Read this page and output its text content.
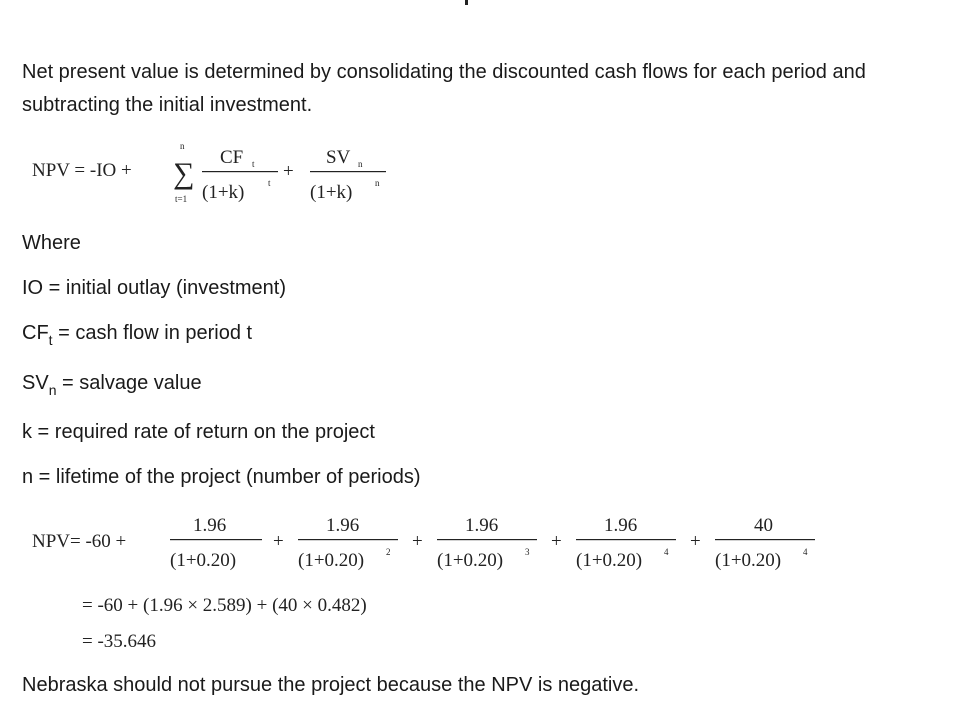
Net present value is determined by consolidating the discounted cash flows for each period and
subtracting the initial investment.
NPV = -IO +
n
∑
t=1
CF t
(1+k)	t
+
SV n
(1+k)	n
Where
IO = initial outlay (investment)
$CF_t$ = cash flow in period t
$SV_n$ = salvage value
k = required rate of return on the project
n = lifetime of the project (number of periods)
NPV= -60 +
1.96
(1+0.20)
+
1.96
(1+0.20) 2 +
1.96
(1+0.20) 3 +
1.96
(1+0.20) 4 +
40
(1+0.20) 4
= -60 + (1.96 × 2.589) + (40 × 0.482)
= -35.646
Nebraska should not pursue the project because the NPV is negative.
